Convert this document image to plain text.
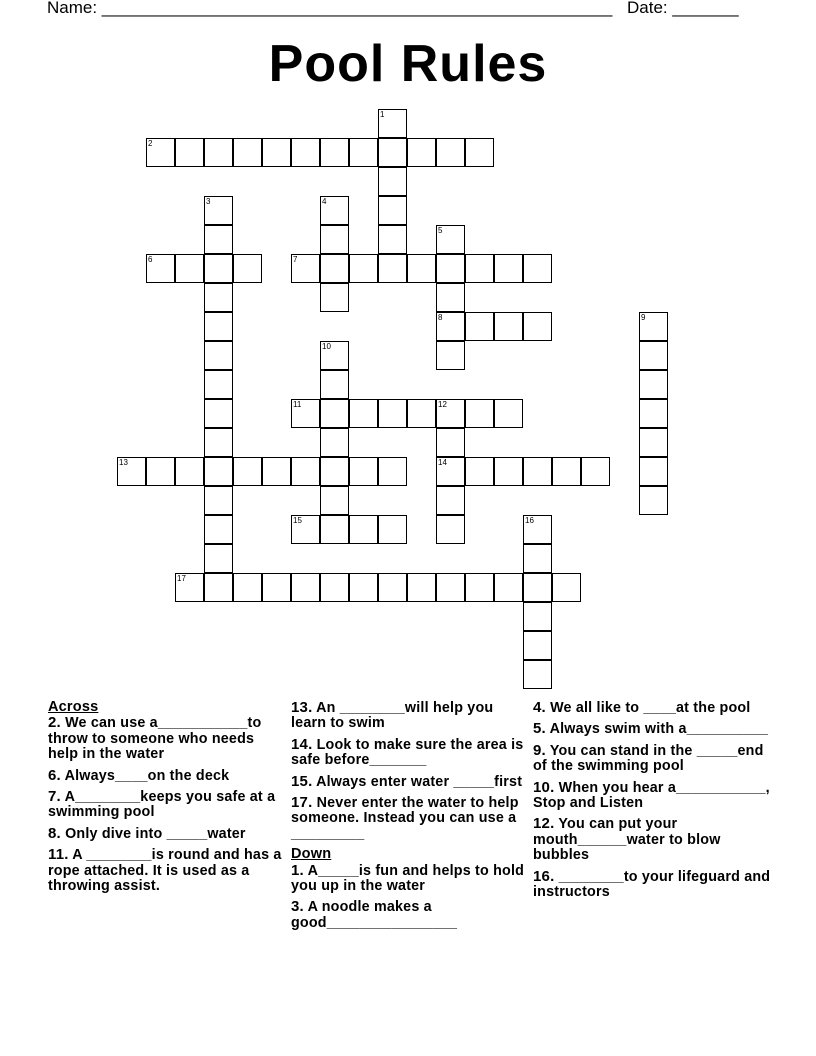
Name: ______________________________________________________ Date: _______
Pool Rules
1
2
3	4
5
8
6	7
9
10
11	12
14
13
15	16
17
Across
2. We can use a___________to throw to someone who needs help in the water
6. Always____on the deck
7. A________keeps you safe at a swimming pool
8. Only dive into _____water
11. A ________is round and has a rope attached. It is used as a throwing assist.
13. An ________will help you learn to swim
14. Look to make sure the area is safe before_______
15. Always enter water _____first
17. Never enter the water to help someone. Instead you can use a _________
Down
1. A_____is fun and helps to hold you up in the water
3. A noodle makes a good________________
4. We all like to ____at the pool
5. Always swim with a__________
9. You can stand in the _____end of the swimming pool
10. When you hear a___________, Stop and Listen
12. You can put your mouth______water to blow bubbles
16. ________to your lifeguard and instructors
